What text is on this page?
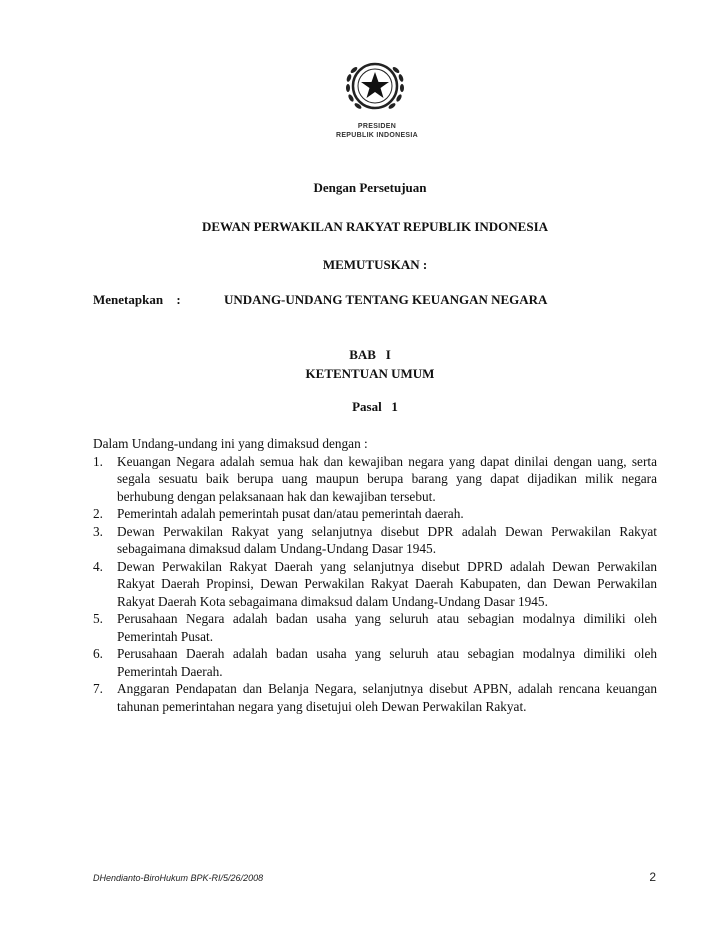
PRESIDEN
REPUBLIK INDONESIA
Dengan Persetujuan
DEWAN PERWAKILAN RAKYAT REPUBLIK INDONESIA
MEMUTUSKAN :
Menetapkan :	UNDANG-UNDANG TENTANG KEUANGAN NEGARA
BAB   I
KETENTUAN UMUM
Pasal   1
Dalam Undang-undang ini yang dimaksud dengan :
1.	Keuangan Negara adalah semua hak dan kewajiban negara yang dapat dinilai dengan uang, serta segala sesuatu baik berupa uang maupun berupa barang yang dapat dijadikan milik negara berhubung dengan pelaksanaan hak dan kewajiban tersebut.
2.	Pemerintah adalah pemerintah pusat dan/atau pemerintah daerah.
3.	Dewan Perwakilan Rakyat yang selanjutnya disebut DPR adalah Dewan Perwakilan Rakyat sebagaimana dimaksud dalam Undang-Undang Dasar 1945.
4.	Dewan Perwakilan Rakyat Daerah yang selanjutnya disebut DPRD adalah Dewan Perwakilan Rakyat Daerah Propinsi, Dewan Perwakilan Rakyat Daerah Kabupaten, dan Dewan Perwakilan Rakyat Daerah Kota sebagaimana dimaksud dalam Undang-Undang Dasar 1945.
5.	Perusahaan Negara adalah badan usaha yang seluruh atau sebagian modalnya dimiliki oleh Pemerintah Pusat.
6.	Perusahaan Daerah adalah badan usaha yang seluruh atau sebagian modalnya dimiliki oleh Pemerintah Daerah.
7.	Anggaran Pendapatan dan Belanja Negara, selanjutnya disebut APBN, adalah rencana keuangan tahunan pemerintahan negara yang disetujui oleh Dewan Perwakilan Rakyat.
DHendianto-BiroHukum BPK-RI/5/26/2008	2
